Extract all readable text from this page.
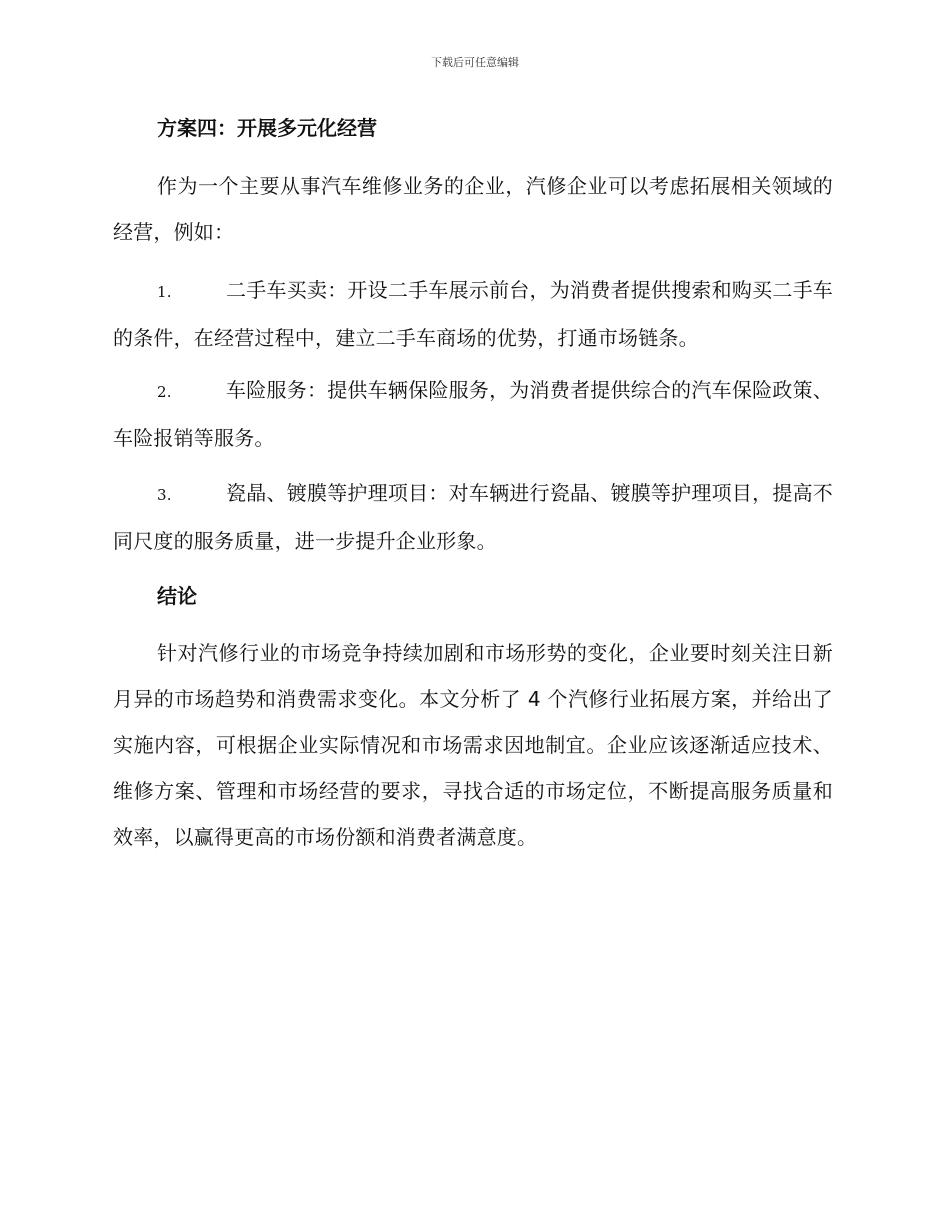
下载后可任意编辑
方案四：开展多元化经营
作为一个主要从事汽车维修业务的企业，汽修企业可以考虑拓展相关领域的经营，例如：
1.	二手车买卖：开设二手车展示前台，为消费者提供搜索和购买二手车的条件，在经营过程中，建立二手车商场的优势，打通市场链条。
2.	车险服务：提供车辆保险服务，为消费者提供综合的汽车保险政策、车险报销等服务。
3.	瓷晶、镀膜等护理项目：对车辆进行瓷晶、镀膜等护理项目，提高不同尺度的服务质量，进一步提升企业形象。
结论
针对汽修行业的市场竞争持续加剧和市场形势的变化，企业要时刻关注日新月异的市场趋势和消费需求变化。本文分析了 4 个汽修行业拓展方案，并给出了实施内容，可根据企业实际情况和市场需求因地制宜。企业应该逐渐适应技术、维修方案、管理和市场经营的要求，寻找合适的市场定位，不断提高服务质量和效率，以赢得更高的市场份额和消费者满意度。
